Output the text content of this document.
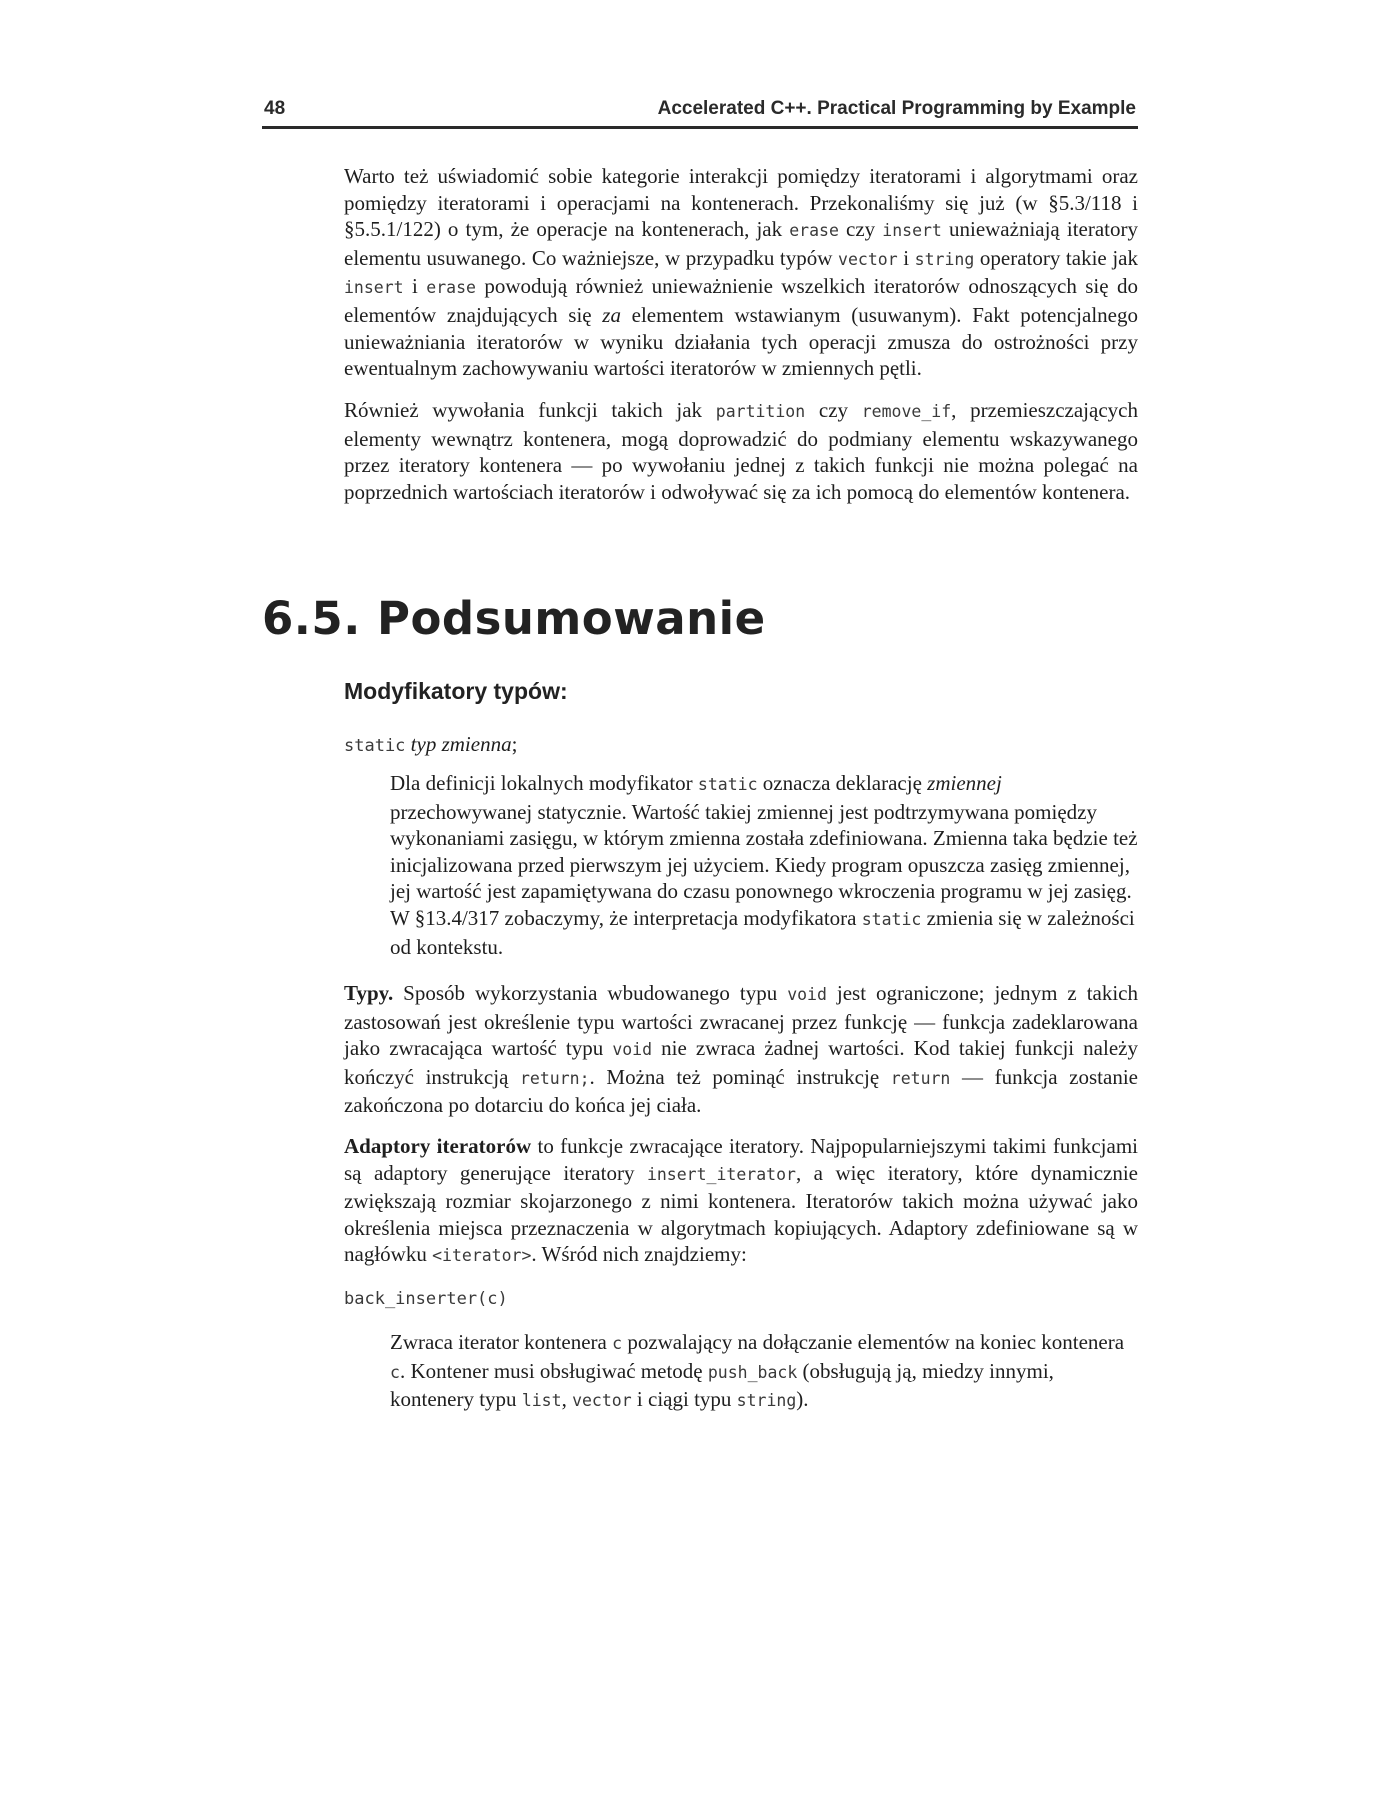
48	Accelerated C++. Practical Programming by Example

Warto też uświadomić sobie kategorie interakcji pomiędzy iteratorami i algorytmami oraz pomiędzy iteratorami i operacjami na kontenerach. Przekonaliśmy się już (w §5.3/118 i §5.5.1/122) o tym, że operacje na kontenerach, jak erase czy insert unieważniają iteratory elementu usuwanego. Co ważniejsze, w przypadku typów vector i string operatory takie jak insert i erase powodują również unieważnienie wszelkich iteratorów odnoszących się do elementów znajdujących się za elementem wstawianym (usuwanym). Fakt potencjalnego unieważniania iteratorów w wyniku działania tych operacji zmusza do ostrożności przy ewentualnym zachowywaniu wartości iteratorów w zmiennych pętli.

Również wywołania funkcji takich jak partition czy remove_if, przemieszczających elementy wewnątrz kontenera, mogą doprowadzić do podmiany elementu wskazywanego przez iteratory kontenera — po wywołaniu jednej z takich funkcji nie można polegać na poprzednich wartościach iteratorów i odwoływać się za ich pomocą do elementów kontenera.

6.5. Podsumowanie
Modyfikatory typów:

static typ zmienna;

Dla definicji lokalnych modyfikator static oznacza deklarację zmiennej przechowywanej statycznie. Wartość takiej zmiennej jest podtrzymywana pomiędzy wykonaniami zasięgu, w którym zmienna została zdefiniowana. Zmienna taka będzie też inicjalizowana przed pierwszym jej użyciem. Kiedy program opuszcza zasięg zmiennej, jej wartość jest zapamiętywana do czasu ponownego wkroczenia programu w jej zasięg. W §13.4/317 zobaczymy, że interpretacja modyfikatora static zmienia się w zależności od kontekstu.

Typy. Sposób wykorzystania wbudowanego typu void jest ograniczone; jednym z takich zastosowań jest określenie typu wartości zwracanej przez funkcję — funkcja zadeklarowana jako zwracająca wartość typu void nie zwraca żadnej wartości. Kod takiej funkcji należy kończyć instrukcją return;. Można też pominąć instrukcję return — funkcja zostanie zakończona po dotarciu do końca jej ciała.

Adaptory iteratorów to funkcje zwracające iteratory. Najpopularniejszymi takimi funkcjami są adaptory generujące iteratory insert_iterator, a więc iteratory, które dynamicznie zwiększają rozmiar skojarzonego z nimi kontenera. Iteratorów takich można używać jako określenia miejsca przeznaczenia w algorytmach kopiujących. Adaptory zdefiniowane są w nagłówku <iterator>. Wśród nich znajdziemy:

back_inserter(c)

Zwraca iterator kontenera c pozwalający na dołączanie elementów na koniec kontenera c. Kontener musi obsługiwać metodę push_back (obsługują ją, miedzy innymi, kontenery typu list, vector i ciągi typu string).
